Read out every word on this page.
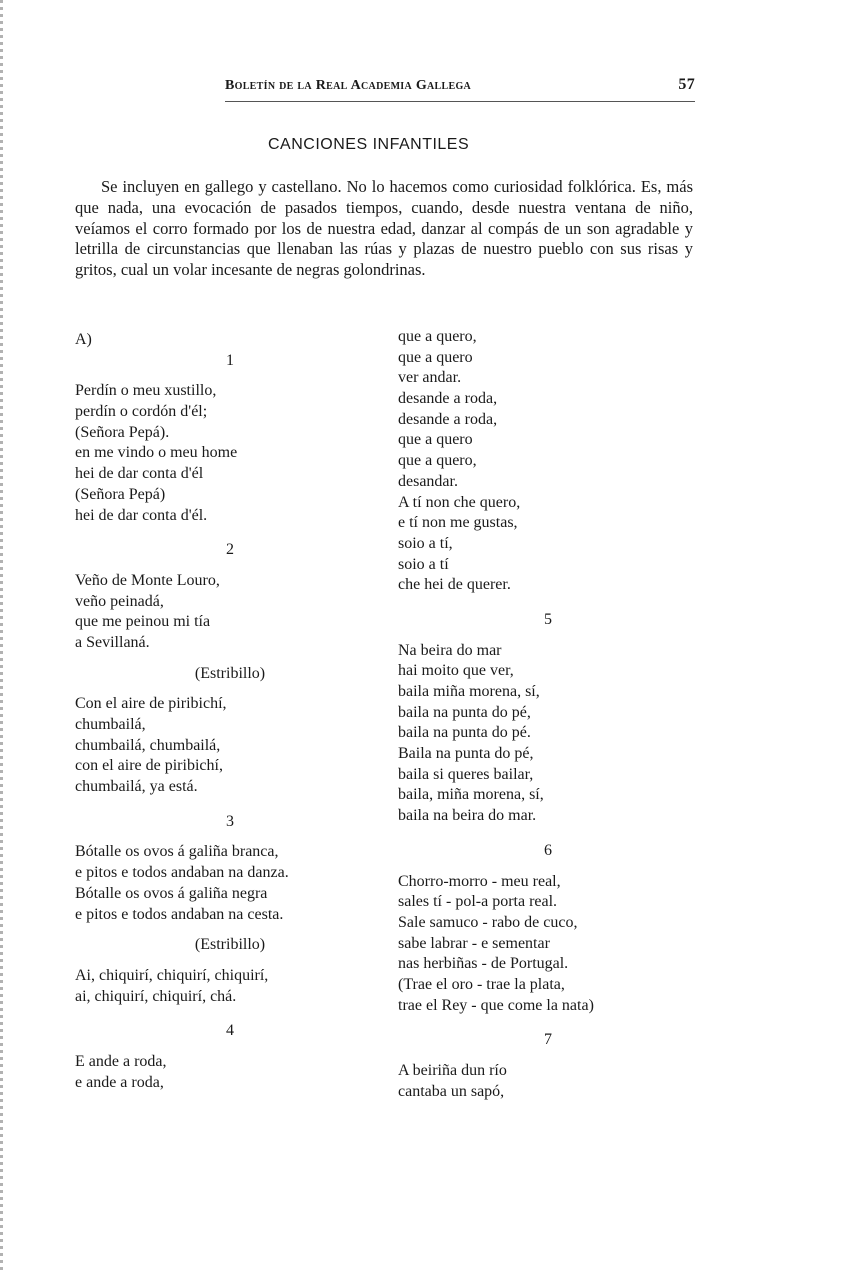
Boletín de la Real Academia Gallega	57
CANCIONES INFANTILES

Se incluyen en gallego y castellano. No lo hacemos como curiosidad folklórica. Es, más que nada, una evocación de pasados tiempos, cuando, desde nuestra ventana de niño, veíamos el corro formado por los de nuestra edad, danzar al compás de un son agradable y letrilla de circunstancias que llenaban las rúas y plazas de nuestro pueblo con sus risas y gritos, cual un volar incesante de negras golondrinas.

A)
1
Perdín o meu xustillo,
perdín o cordón d'él;
(Señora Pepá).
en me vindo o meu home
hei de dar conta d'él
(Señora Pepá)
hei de dar conta d'él.
2
Veño de Monte Louro,
veño peinadá,
que me peinou mi tía
a Sevillaná.
(Estribillo)
Con el aire de piribichí,
chumbailá,
chumbailá, chumbailá,
con el aire de piribichí,
chumbailá, ya está.
3
Bótalle os ovos á galiña branca,
e pitos e todos andaban na danza.
Bótalle os ovos á galiña negra
e pitos e todos andaban na cesta.
(Estribillo)
Ai, chiquirí, chiquirí, chiquirí,
ai, chiquirí, chiquirí, chá.
4
E ande a roda,
e ande a roda,
que a quero,
que a quero
ver andar.
desande a roda,
desande a roda,
que a quero
que a quero,
desandar.
A tí non che quero,
e tí non me gustas,
soio a tí,
soio a tí
che hei de querer.
5
Na beira do mar
hai moito que ver,
baila miña morena, sí,
baila na punta do pé,
baila na punta do pé.
Baila na punta do pé,
baila si queres bailar,
baila, miña morena, sí,
baila na beira do mar.
6
Chorro-morro - meu real,
sales tí - pol-a porta real.
Sale samuco - rabo de cuco,
sabe labrar - e sementar
nas herbiñas - de Portugal.
(Trae el oro - trae la plata,
trae el Rey - que come la nata)
7
A beiriña dun río
cantaba un sapó,
